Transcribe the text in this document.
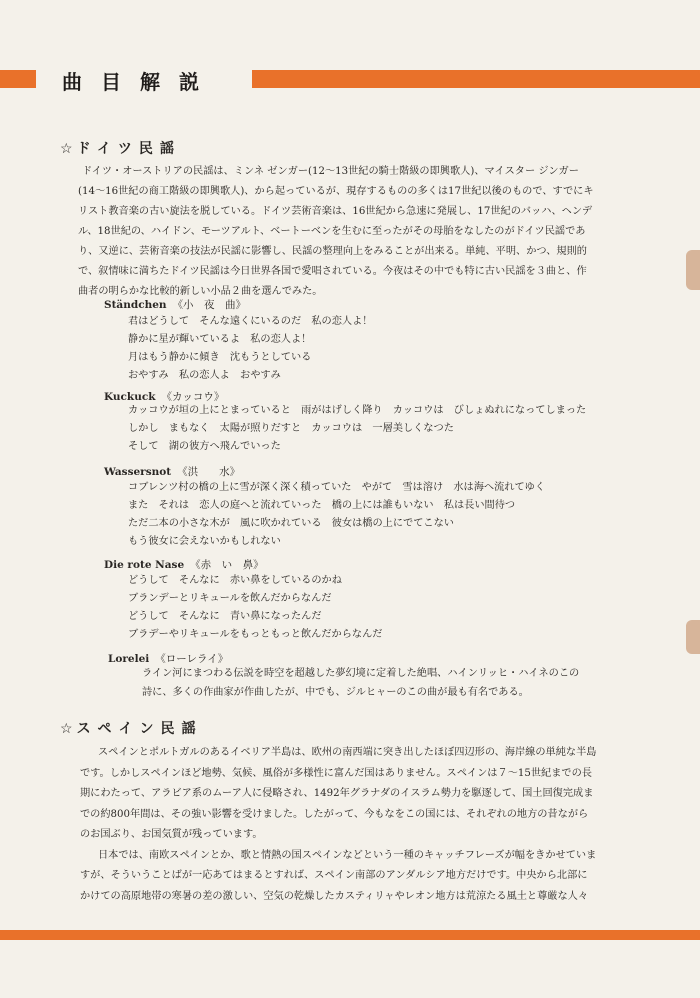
曲目解説
☆ ドイツ民謡

ドイツ・オーストリアの民謡は、ミンネ ゼンガー(12〜13世紀の騎士階級の即興歌人)、マイスター ジンガー

(14〜16世紀の商工階級の即興歌人)、から起っているが、現存するものの多くは17世紀以後のもので、すでにキ

リスト教音楽の古い旋法を脱している。ドイツ芸術音楽は、16世紀から急速に発展し、17世紀のバッハ、ヘンデ

ル、18世紀の、ハイドン、モーツアルト、ベートーベンを生むに至ったがその母胎をなしたのがドイツ民謡であ

り、又逆に、芸術音楽の技法が民謡に影響し、民謡の整理向上をみることが出来る。単純、平明、かつ、規則的

で、叙情味に満ちたドイツ民謡は今日世界各国で愛唱されている。今夜はその中でも特に古い民謡を３曲と、作

曲者の明らかな比較的新しい小品２曲を選んでみた。

Ständchen 《小　夜　曲》

君はどうして　そんな遠くにいるのだ　私の恋人よ！

静かに星が輝いているよ　私の恋人よ！

月はもう静かに傾き　沈もうとしている

おやすみ　私の恋人よ　おやすみ

Kuckuck 《カッコウ》

カッコウが垣の上にとまっていると　雨がはげしく降り　カッコウは　びしょぬれになってしまった

しかし　まもなく　太陽が照りだすと　カッコウは　一層美しくなつた

そして　湖の彼方へ飛んでいった

Wassersnot 《洪　　水》

コブレンツ村の橋の上に雪が深く深く積っていた　やがて　雪は溶け　水は海へ流れてゆく

また　それは　恋人の庭へと流れていった　橋の上には誰もいない　私は長い間待つ

ただ二本の小さな木が　風に吹かれている　彼女は橋の上にでてこない

もう彼女に会えないかもしれない

Die rote Nase 《赤　い　鼻》

どうして　そんなに　赤い鼻をしているのかね

ブランデーとリキュールを飲んだからなんだ

どうして　そんなに　青い鼻になったんだ

ブラデーやリキュールをもっともっと飲んだからなんだ

Lorelei 《ローレライ》

ライン河にまつわる伝説を時空を超越した夢幻境に定着した絶唱、ハインリッヒ・ハイネのこの

詩に、多くの作曲家が作曲したが、中でも、ジルヒャーのこの曲が最も有名である。

☆ スペイン民謡

スペインとポルトガルのあるイベリア半島は、欧州の南西端に突き出したほぼ四辺形の、海岸線の単純な半島

です。しかしスペインほど地勢、気候、風俗が多様性に富んだ国はありません。スペインは７〜15世紀までの長

期にわたって、アラビア系のムーア人に侵略され、1492年グラナダのイスラム勢力を駆逐して、国土回復完成ま

での約800年間は、その強い影響を受けました。したがって、今もなをこの国には、それぞれの地方の昔ながら

のお国ぶり、お国気質が残っています。

日本では、南欧スペインとか、歌と情熱の国スペインなどという一種のキャッチフレーズが幅をきかせていま

すが、そういうことばが一応あてはまるとすれば、スペイン南部のアンダルシア地方だけです。中央から北部に

かけての高原地帯の寒暑の差の激しい、空気の乾燥したカスティリャやレオン地方は荒涼たる風土と尊厳な人々
